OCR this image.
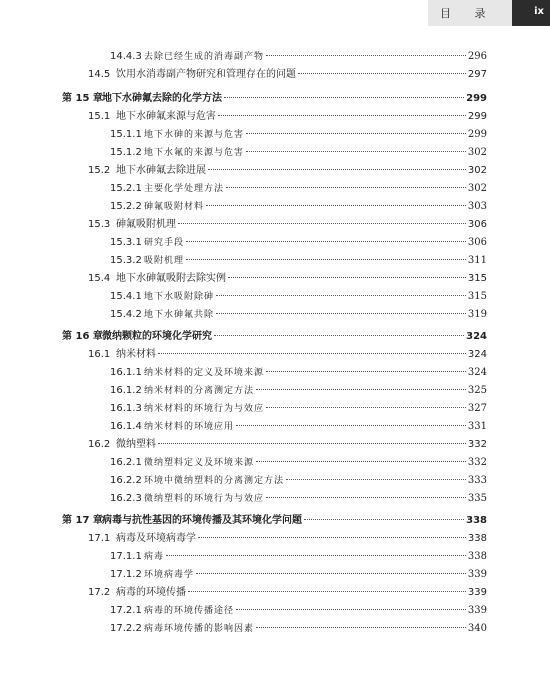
目 录	ix
14.4.3 去除已经生成的消毒副产物	296
14.5 饮用水消毒副产物研究和管理存在的问题	297
第 15 章 地下水砷氟去除的化学方法	299
15.1 地下水砷氟来源与危害	299
15.1.1 地下水砷的来源与危害	299
15.1.2 地下水氟的来源与危害	302
15.2 地下水砷氟去除进展	302
15.2.1 主要化学处理方法	302
15.2.2 砷氟吸附材料	303
15.3 砷氟吸附机理	306
15.3.1 研究手段	306
15.3.2 吸附机理	311
15.4 地下水砷氟吸附去除实例	315
15.4.1 地下水吸附除砷	315
15.4.2 地下水砷氟共除	319
第 16 章 微纳颗粒的环境化学研究	324
16.1 纳米材料	324
16.1.1 纳米材料的定义及环境来源	324
16.1.2 纳米材料的分离测定方法	325
16.1.3 纳米材料的环境行为与效应	327
16.1.4 纳米材料的环境应用	331
16.2 微纳塑料	332
16.2.1 微纳塑料定义及环境来源	332
16.2.2 环境中微纳塑料的分离测定方法	333
16.2.3 微纳塑料的环境行为与效应	335
第 17 章 病毒与抗性基因的环境传播及其环境化学问题	338
17.1 病毒及环境病毒学	338
17.1.1 病毒	338
17.1.2 环境病毒学	339
17.2 病毒的环境传播	339
17.2.1 病毒的环境传播途径	339
17.2.2 病毒环境传播的影响因素	340
